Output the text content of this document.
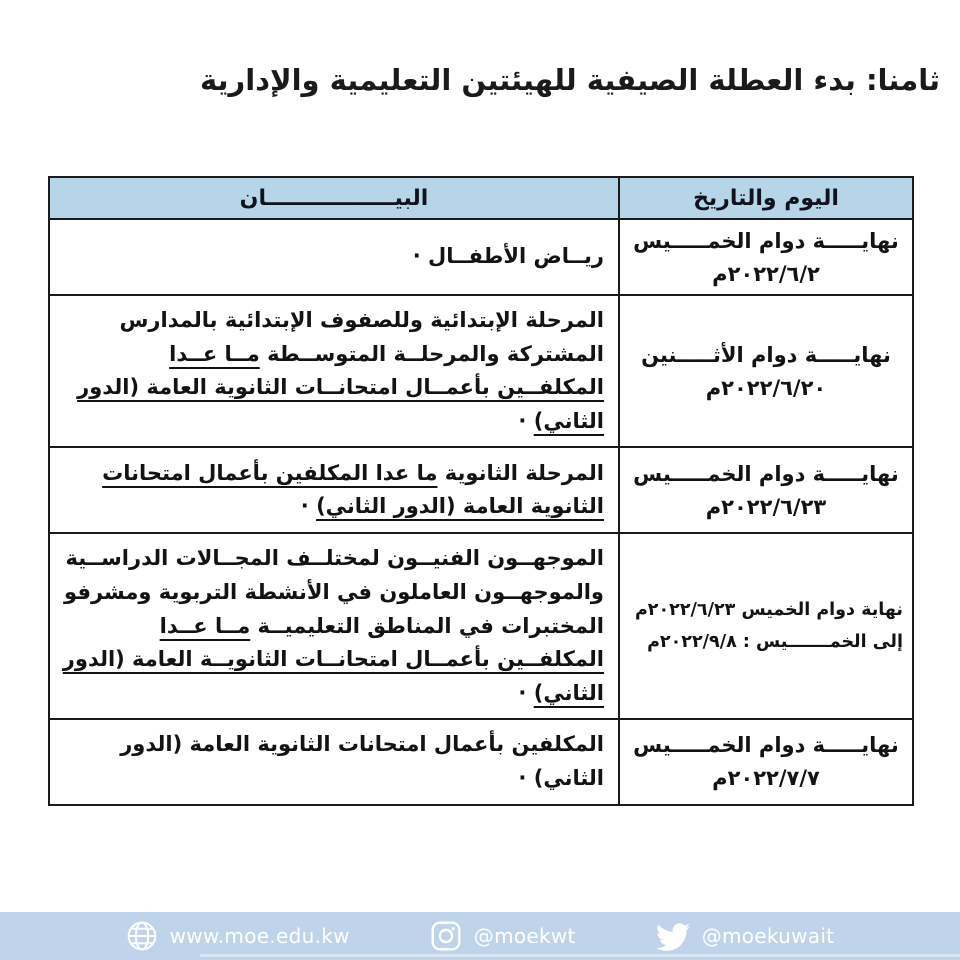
ثامنا: بدء العطلة الصيفية للهيئتين التعليمية والإدارية
اليوم والتاريخ	البيـــــــــــــــــان

نهايـــــة دوام الخمـــــيس
٢٠٢٢/٦/٢م	ريــاض الأطفــال ·

نهايـــــة دوام الأثـــــنين
٢٠٢٢/٦/٢٠م	المرحلة الإبتدائية وللصفوف الإبتدائية بالمدارس المشتركة والمرحلــة المتوســطة مــا عــدا المكلفــين بأعمــال امتحانــات الثانوية العامة (الدور الثاني) ·

نهايـــــة دوام الخمـــــيس
٢٠٢٢/٦/٢٣م	المرحلة الثانوية ما عدا المكلفين بأعمال امتحانات الثانوية العامة (الدور الثاني) ·

نهاية دوام الخميس ٢٠٢٢/٦/٢٣م
إلى الخمـــــــيس : ٢٠٢٢/٩/٨م	الموجهــون الفنيــون لمختلــف المجــالات الدراســية والموجهــون العاملون في الأنشطة التربوية ومشرفو المختبرات في المناطق التعليميــة مــا عــدا المكلفــين بأعمــال امتحانــات الثانويــة العامة (الدور الثاني) ·

نهايـــــة دوام الخمـــــيس
٢٠٢٢/٧/٧م	المكلفين بأعمال امتحانات الثانوية العامة (الدور الثاني) ·
www.moe.edu.kw	@moekwt	@moekuwait
